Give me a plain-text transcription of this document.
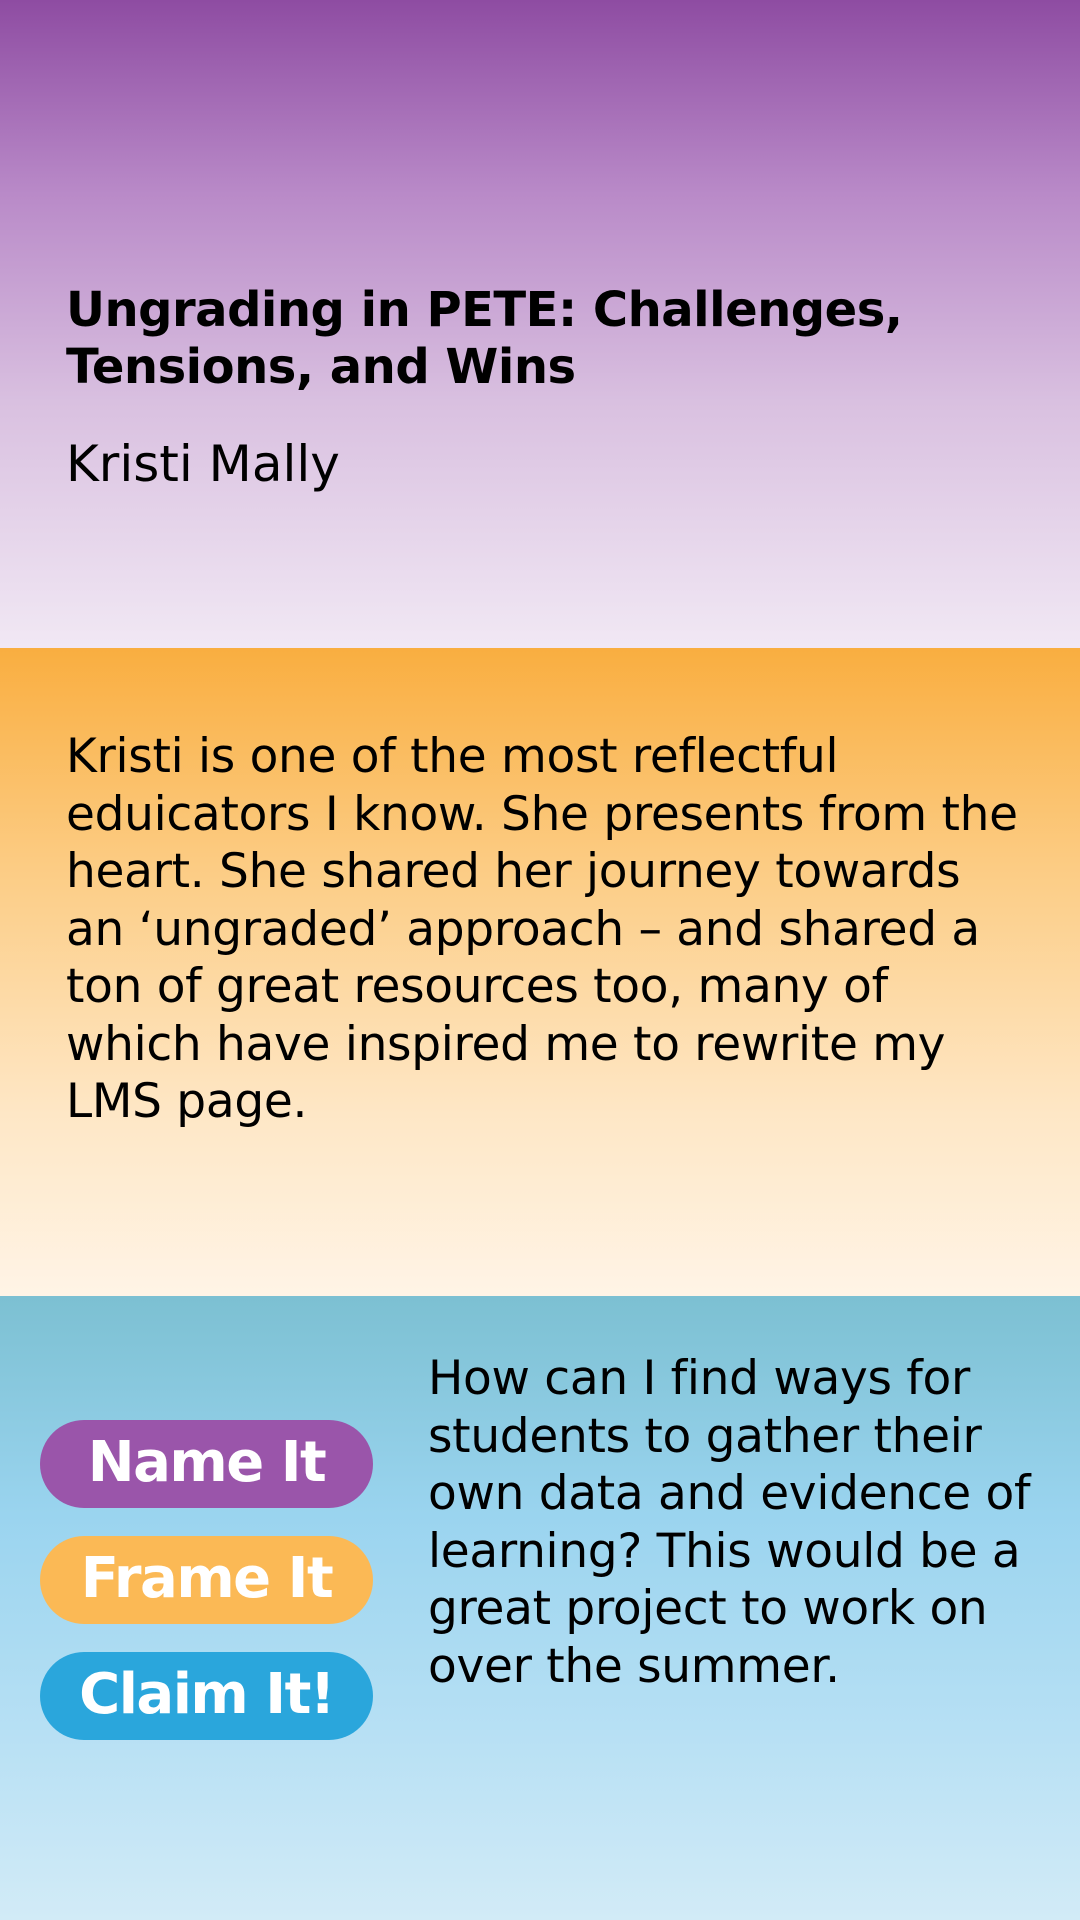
Ungrading in PETE: Challenges, Tensions, and Wins

Kristi Mally

Kristi is one of the most reflectful eduicators I know. She presents from the heart. She shared her journey towards an ‘ungraded’ approach – and shared a ton of great resources too, many of which have inspired me to rewrite my LMS page.

Name It
Frame It
Claim It!

How can I find ways for students to gather their own data and evidence of learning? This would be a great project to work on over the summer.
